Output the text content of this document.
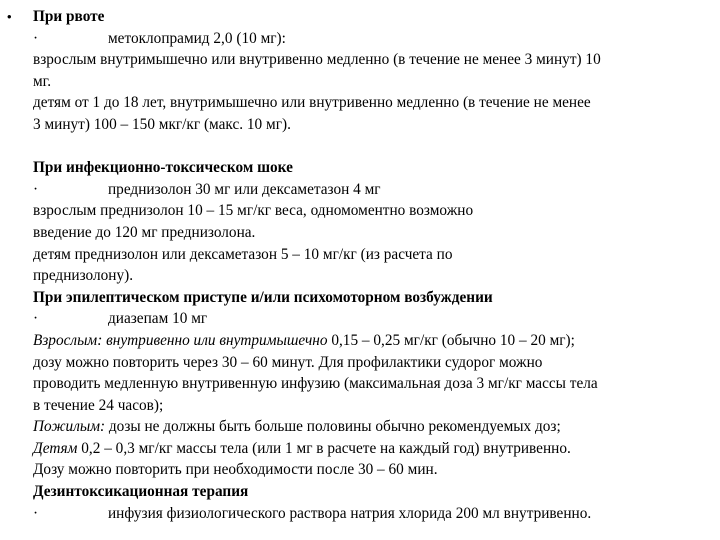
• При рвоте
·	метоклопрамид 2,0 (10 мг):
взрослым внутримышечно или внутривенно медленно (в течение не менее 3 минут) 10
мг.
детям от 1 до 18 лет, внутримышечно или внутривенно медленно (в течение не менее
3 минут) 100 – 150 мкг/кг (макс. 10 мг).
При инфекционно-токсическом шоке
·	преднизолон 30 мг или дексаметазон 4 мг
взрослым преднизолон 10 – 15 мг/кг веса, одномоментно возможно
введение до 120 мг преднизолона.
детям преднизолон или дексаметазон 5 – 10 мг/кг (из расчета по
преднизолону).
При эпилептическом приступе и/или психомоторном возбуждении
·	диазепам 10 мг
Взрослым: внутривенно или внутримышечно 0,15 – 0,25 мг/кг (обычно 10 – 20 мг);
дозу можно повторить через 30 – 60 минут. Для профилактики судорог можно
проводить медленную внутривенную инфузию (максимальная доза 3 мг/кг массы тела
в течение 24 часов);
Пожилым: дозы не должны быть больше половины обычно рекомендуемых доз;
Детям 0,2 – 0,3 мг/кг массы тела (или 1 мг в расчете на каждый год) внутривенно.
Дозу можно повторить при необходимости после 30 – 60 мин.
Дезинтоксикационная терапия
·	инфузия физиологического раствора натрия хлорида 200 мл внутривенно.
